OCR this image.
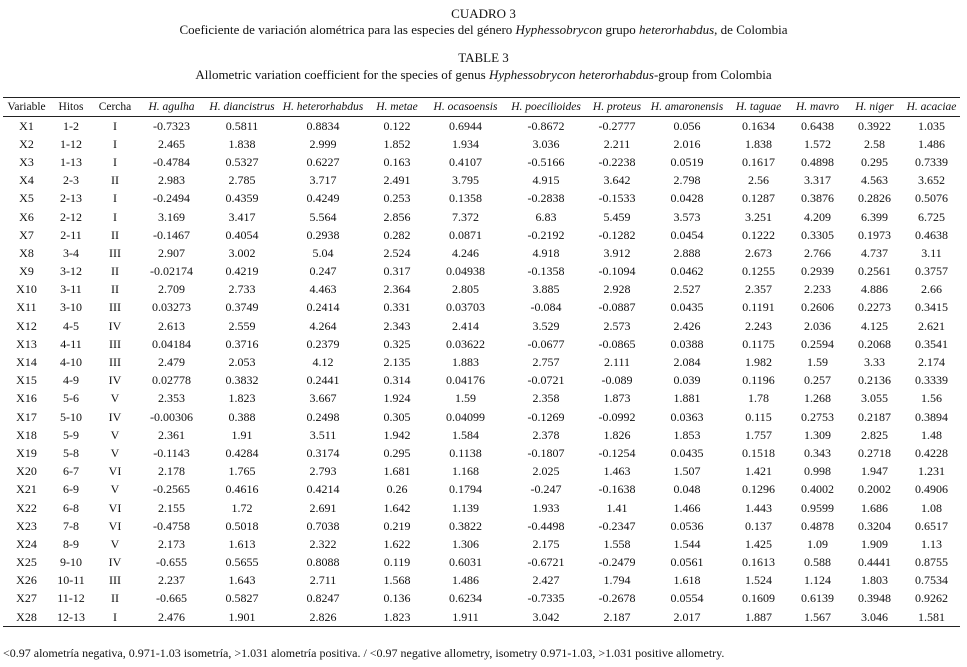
CUADRO 3
Coeficiente de variación alométrica para las especies del género Hyphessobrycon grupo heterorhabdus, de Colombia
TABLE 3
Allometric variation coefficient for the species of genus Hyphessobrycon heterorhabdus-group from Colombia
Variable	Hitos	Cercha	H. agulha	H. diancistrus	H. heterorhabdus	H. metae	H. ocasoensis	H. poecilioides	H. proteus	H. amaronensis	H. taguae	H. mavro	H. niger	H. acaciae
X1	1-2	I	-0.7323	0.5811	0.8834	0.122	0.6944	-0.8672	-0.2777	0.056	0.1634	0.6438	0.3922	1.035
X2	1-12	I	2.465	1.838	2.999	1.852	1.934	3.036	2.211	2.016	1.838	1.572	2.58	1.486
X3	1-13	I	-0.4784	0.5327	0.6227	0.163	0.4107	-0.5166	-0.2238	0.0519	0.1617	0.4898	0.295	0.7339
X4	2-3	II	2.983	2.785	3.717	2.491	3.795	4.915	3.642	2.798	2.56	3.317	4.563	3.652
X5	2-13	I	-0.2494	0.4359	0.4249	0.253	0.1358	-0.2838	-0.1533	0.0428	0.1287	0.3876	0.2826	0.5076
X6	2-12	I	3.169	3.417	5.564	2.856	7.372	6.83	5.459	3.573	3.251	4.209	6.399	6.725
X7	2-11	II	-0.1467	0.4054	0.2938	0.282	0.0871	-0.2192	-0.1282	0.0454	0.1222	0.3305	0.1973	0.4638
X8	3-4	III	2.907	3.002	5.04	2.524	4.246	4.918	3.912	2.888	2.673	2.766	4.737	3.11
X9	3-12	II	-0.02174	0.4219	0.247	0.317	0.04938	-0.1358	-0.1094	0.0462	0.1255	0.2939	0.2561	0.3757
X10	3-11	II	2.709	2.733	4.463	2.364	2.805	3.885	2.928	2.527	2.357	2.233	4.886	2.66
X11	3-10	III	0.03273	0.3749	0.2414	0.331	0.03703	-0.084	-0.0887	0.0435	0.1191	0.2606	0.2273	0.3415
X12	4-5	IV	2.613	2.559	4.264	2.343	2.414	3.529	2.573	2.426	2.243	2.036	4.125	2.621
X13	4-11	III	0.04184	0.3716	0.2379	0.325	0.03622	-0.0677	-0.0865	0.0388	0.1175	0.2594	0.2068	0.3541
X14	4-10	III	2.479	2.053	4.12	2.135	1.883	2.757	2.111	2.084	1.982	1.59	3.33	2.174
X15	4-9	IV	0.02778	0.3832	0.2441	0.314	0.04176	-0.0721	-0.089	0.039	0.1196	0.257	0.2136	0.3339
X16	5-6	V	2.353	1.823	3.667	1.924	1.59	2.358	1.873	1.881	1.78	1.268	3.055	1.56
X17	5-10	IV	-0.00306	0.388	0.2498	0.305	0.04099	-0.1269	-0.0992	0.0363	0.115	0.2753	0.2187	0.3894
X18	5-9	V	2.361	1.91	3.511	1.942	1.584	2.378	1.826	1.853	1.757	1.309	2.825	1.48
X19	5-8	V	-0.1143	0.4284	0.3174	0.295	0.1138	-0.1807	-0.1254	0.0435	0.1518	0.343	0.2718	0.4228
X20	6-7	VI	2.178	1.765	2.793	1.681	1.168	2.025	1.463	1.507	1.421	0.998	1.947	1.231
X21	6-9	V	-0.2565	0.4616	0.4214	0.26	0.1794	-0.247	-0.1638	0.048	0.1296	0.4002	0.2002	0.4906
X22	6-8	VI	2.155	1.72	2.691	1.642	1.139	1.933	1.41	1.466	1.443	0.9599	1.686	1.08
X23	7-8	VI	-0.4758	0.5018	0.7038	0.219	0.3822	-0.4498	-0.2347	0.0536	0.137	0.4878	0.3204	0.6517
X24	8-9	V	2.173	1.613	2.322	1.622	1.306	2.175	1.558	1.544	1.425	1.09	1.909	1.13
X25	9-10	IV	-0.655	0.5655	0.8088	0.119	0.6031	-0.6721	-0.2479	0.0561	0.1613	0.588	0.4441	0.8755
X26	10-11	III	2.237	1.643	2.711	1.568	1.486	2.427	1.794	1.618	1.524	1.124	1.803	0.7534
X27	11-12	II	-0.665	0.5827	0.8247	0.136	0.6234	-0.7335	-0.2678	0.0554	0.1609	0.6139	0.3948	0.9262
X28	12-13	I	2.476	1.901	2.826	1.823	1.911	3.042	2.187	2.017	1.887	1.567	3.046	1.581
<0.97 alometría negativa, 0.971-1.03 isometría, >1.031 alometría positiva. / <0.97 negative allometry, isometry 0.971-1.03, >1.031 positive allometry.
